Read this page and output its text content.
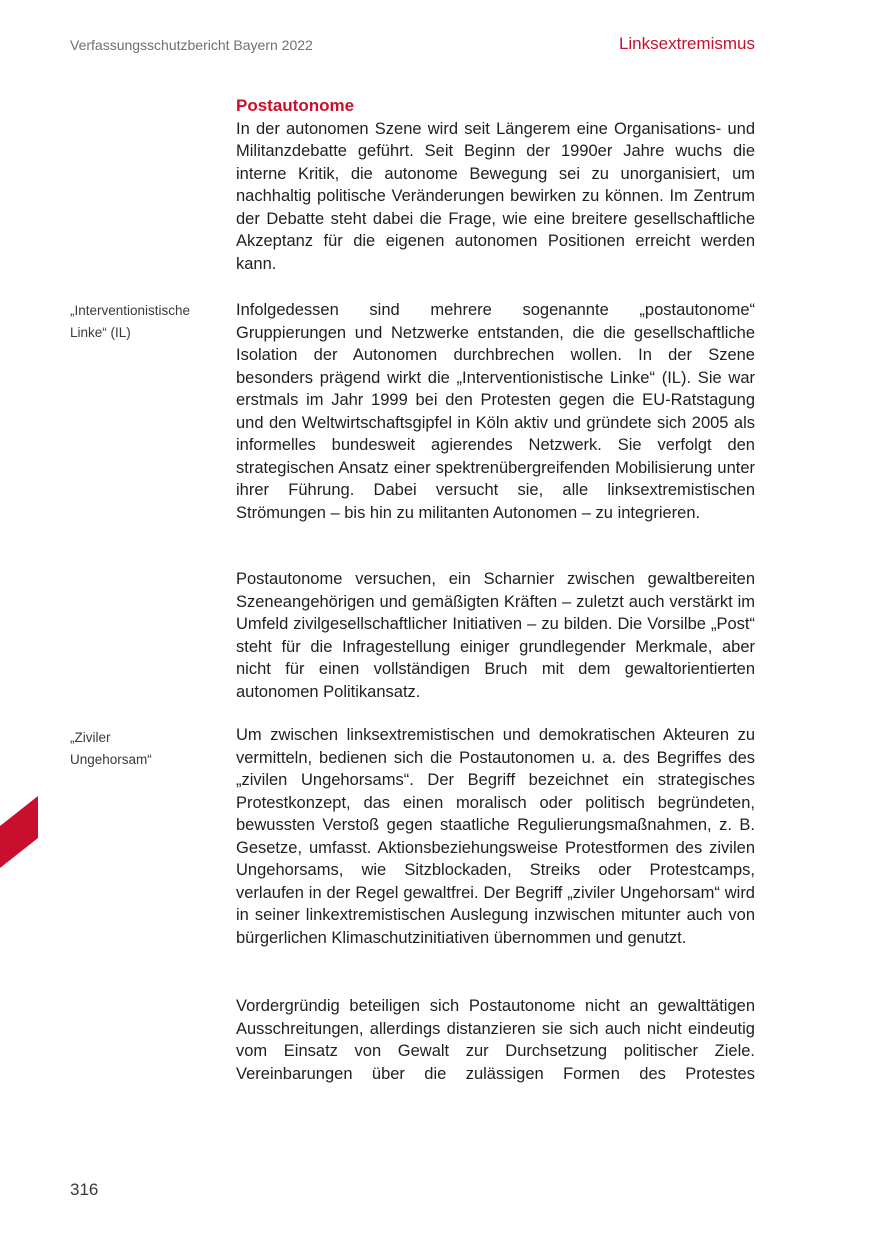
Verfassungsschutzbericht Bayern 2022	Linksextremismus
„Interventionistische Linke“ (IL)
„Ziviler Ungehorsam“
Postautonome

In der autonomen Szene wird seit Längerem eine Organisations- und Militanzdebatte geführt. Seit Beginn der 1990er Jahre wuchs die interne Kritik, die autonome Bewegung sei zu unorganisiert, um nachhaltig politische Veränderungen bewirken zu können. Im Zentrum der Debatte steht dabei die Frage, wie eine breitere gesellschaftliche Akzeptanz für die eigenen autonomen Positionen erreicht werden kann.

Infolgedessen sind mehrere sogenannte „postautonome“ Gruppierungen und Netzwerke entstanden, die die gesellschaftliche Isolation der Autonomen durchbrechen wollen. In der Szene besonders prägend wirkt die „Interventionistische Linke“ (IL). Sie war erstmals im Jahr 1999 bei den Protesten gegen die EU-Ratstagung und den Weltwirtschaftsgipfel in Köln aktiv und gründete sich 2005 als informelles bundesweit agierendes Netzwerk. Sie verfolgt den strategischen Ansatz einer spektrenübergreifenden Mobilisierung unter ihrer Führung. Dabei versucht sie, alle linksextremistischen Strömungen – bis hin zu militanten Autonomen – zu integrieren.

Postautonome versuchen, ein Scharnier zwischen gewaltbereiten Szeneangehörigen und gemäßigten Kräften – zuletzt auch verstärkt im Umfeld zivilgesellschaftlicher Initiativen – zu bilden. Die Vorsilbe „Post“ steht für die Infragestellung einiger grundlegender Merkmale, aber nicht für einen vollständigen Bruch mit dem gewaltorientierten autonomen Politikansatz.

Um zwischen linksextremistischen und demokratischen Akteuren zu vermitteln, bedienen sich die Postautonomen u. a. des Begriffes des „zivilen Ungehorsams“. Der Begriff bezeichnet ein strategisches Protestkonzept, das einen moralisch oder politisch begründeten, bewussten Verstoß gegen staatliche Regulierungsmaßnahmen, z. B. Gesetze, umfasst. Aktionsbeziehungsweise Protestformen des zivilen Ungehorsams, wie Sitzblockaden, Streiks oder Protestcamps, verlaufen in der Regel gewaltfrei. Der Begriff „ziviler Ungehorsam“ wird in seiner linkextremistischen Auslegung inzwischen mitunter auch von bürgerlichen Klimaschutzinitiativen übernommen und genutzt.

Vordergründig beteiligen sich Postautonome nicht an gewalttätigen Ausschreitungen, allerdings distanzieren sie sich auch nicht eindeutig vom Einsatz von Gewalt zur Durchsetzung politischer Ziele. Vereinbarungen über die zulässigen Formen des Protestes

316
